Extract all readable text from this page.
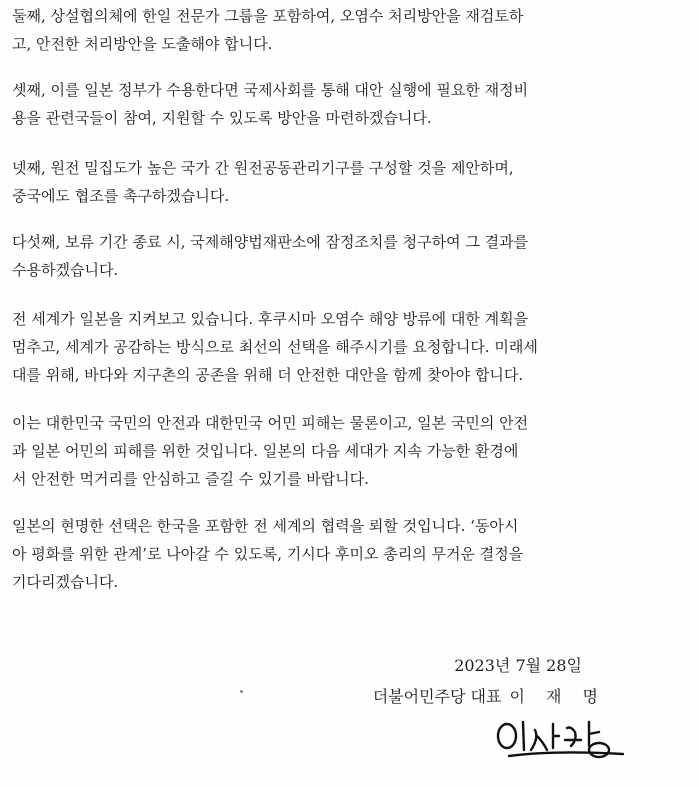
둘째, 상설협의체에 한일 전문가 그룹을 포함하여, 오염수 처리방안을 재검토하
고, 안전한 처리방안을 도출해야 합니다.

셋째, 이를 일본 정부가 수용한다면 국제사회를 통해 대안 실행에 필요한 재정비
용을 관련국들이 참여, 지원할 수 있도록 방안을 마련하겠습니다.

넷째, 원전 밀집도가 높은 국가 간 원전공동관리기구를 구성할 것을 제안하며,
중국에도 협조를 촉구하겠습니다.

다섯째, 보류 기간 종료 시, 국제해양법재판소에 잠정조치를 청구하여 그 결과를
수용하겠습니다.

전 세계가 일본을 지켜보고 있습니다. 후쿠시마 오염수 해양 방류에 대한 계획을
멈추고, 세계가 공감하는 방식으로 최선의 선택을 해주시기를 요청합니다. 미래세
대를 위해, 바다와 지구촌의 공존을 위해 더 안전한 대안을 함께 찾아야 합니다.

이는 대한민국 국민의 안전과 대한민국 어민 피해는 물론이고, 일본 국민의 안전
과 일본 어민의 피해를 위한 것입니다. 일본의 다음 세대가 지속 가능한 환경에
서 안전한 먹거리를 안심하고 즐길 수 있기를 바랍니다.

일본의 현명한 선택은 한국을 포함한 전 세계의 협력을 뢰할 것입니다. ‘동아시
아 평화를 위한 관계’로 나아갈 수 있도록, 기시다 후미오 총리의 무거운 결정을
기다리겠습니다.

2023년 7월 28일
더불어민주당 대표 이 재 명
